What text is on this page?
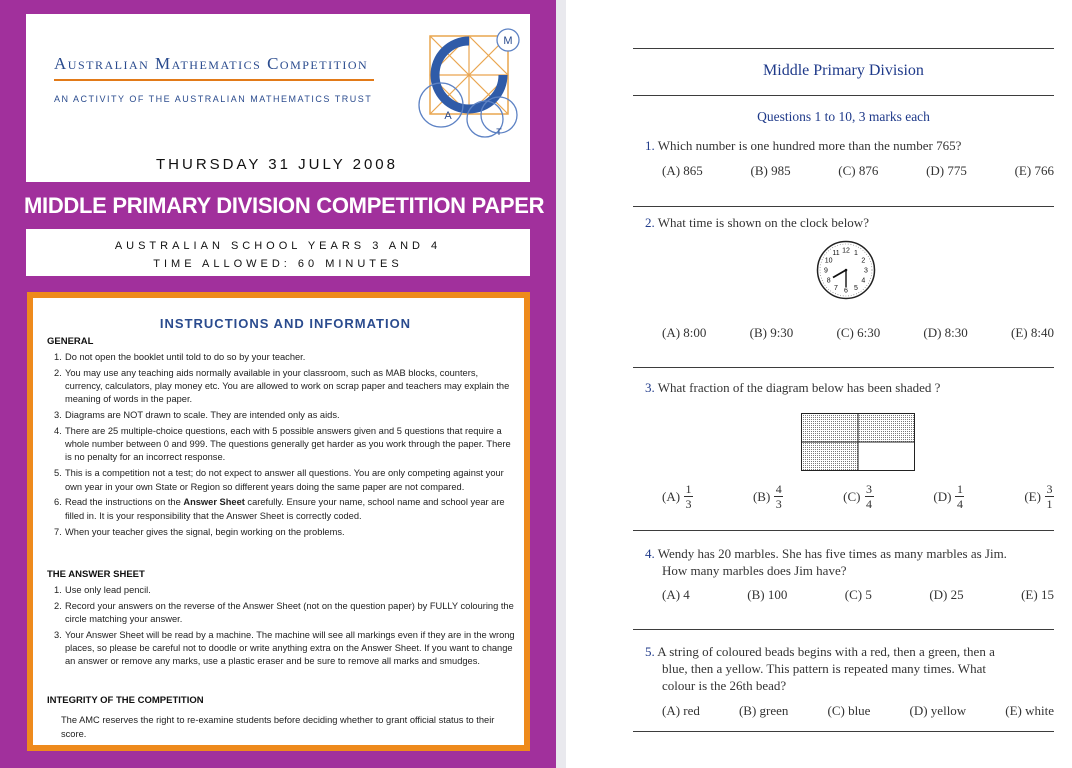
Australian Mathematics Competition
AN ACTIVITY OF THE AUSTRALIAN MATHEMATICS TRUST
THURSDAY 31 JULY 2008
M
A
T
MIDDLE PRIMARY DIVISION COMPETITION PAPER
AUSTRALIAN SCHOOL YEARS 3 AND 4
TIME ALLOWED: 60 MINUTES
INSTRUCTIONS AND INFORMATION
GENERAL
1. Do not open the booklet until told to do so by your teacher.
2. You may use any teaching aids normally available in your classroom, such as MAB blocks, counters, currency, calculators, play money etc. You are allowed to work on scrap paper and teachers may explain the meaning of words in the paper.
3. Diagrams are NOT drawn to scale. They are intended only as aids.
4. There are 25 multiple-choice questions, each with 5 possible answers given and 5 questions that require a whole number between 0 and 999. The questions generally get harder as you work through the paper. There is no penalty for an incorrect response.
5. This is a competition not a test; do not expect to answer all questions. You are only competing against your own year in your own State or Region so different years doing the same paper are not compared.
6. Read the instructions on the Answer Sheet carefully. Ensure your name, school name and school year are filled in. It is your responsibility that the Answer Sheet is correctly coded.
7. When your teacher gives the signal, begin working on the problems.
THE ANSWER SHEET
1. Use only lead pencil.
2. Record your answers on the reverse of the Answer Sheet (not on the question paper) by FULLY colouring the circle matching your answer.
3. Your Answer Sheet will be read by a machine. The machine will see all markings even if they are in the wrong places, so please be careful not to doodle or write anything extra on the Answer Sheet. If you want to change an answer or remove any marks, use a plastic eraser and be sure to remove all marks and smudges.
INTEGRITY OF THE COMPETITION
The AMC reserves the right to re-examine students before deciding whether to grant official status to their score.
Middle Primary Division
Questions 1 to 10, 3 marks each
1. Which number is one hundred more than the number 765?
(A) 865	(B) 985	(C) 876	(D) 775	(E) 766
2. What time is shown on the clock below?
12 1
2
3
4
5
6
7
8
9
10
11
(A) 8:00	(B) 9:30	(C) 6:30	(D) 8:30	(E) 8:40
3. What fraction of the diagram below has been shaded ?
$(A) \frac{1}{3}$	$(B) \frac{4}{3}$	$(C) \frac{3}{4}$	$(D) \frac{1}{4}$	$(E) \frac{3}{1}$
4. Wendy has 20 marbles. She has five times as many marbles as Jim.
How many marbles does Jim have?
(A) 4	(B) 100	(C) 5	(D) 25	(E) 15
5. A string of coloured beads begins with a red, then a green, then a
blue, then a yellow. This pattern is repeated many times. What
colour is the 26th bead?
(A) red	(B) green	(C) blue	(D) yellow	(E) white
